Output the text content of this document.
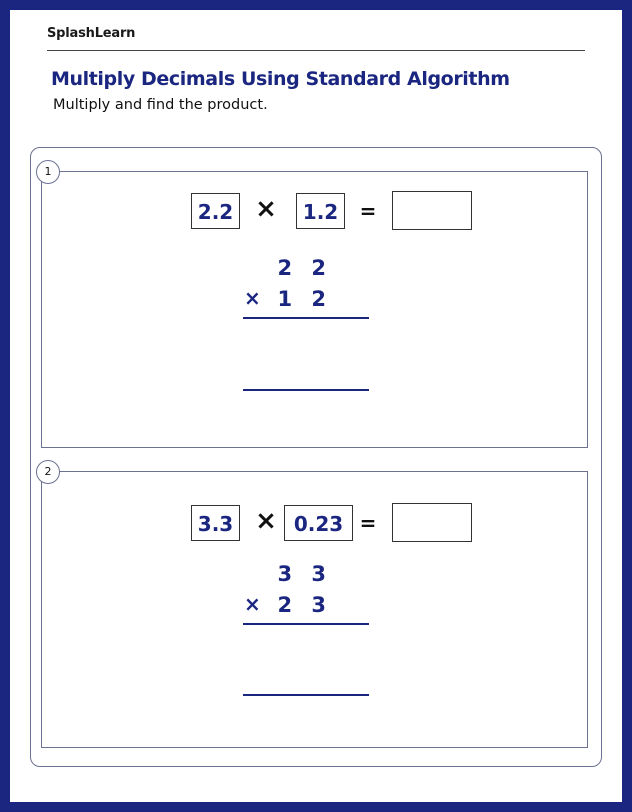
SplashLearn
Multiply Decimals Using Standard Algorithm
Multiply and find the product.
1
2.2 ×	1.2	=
2 2
× 1 2
2
3.3 × 0.23 =
3 3
× 2 3
